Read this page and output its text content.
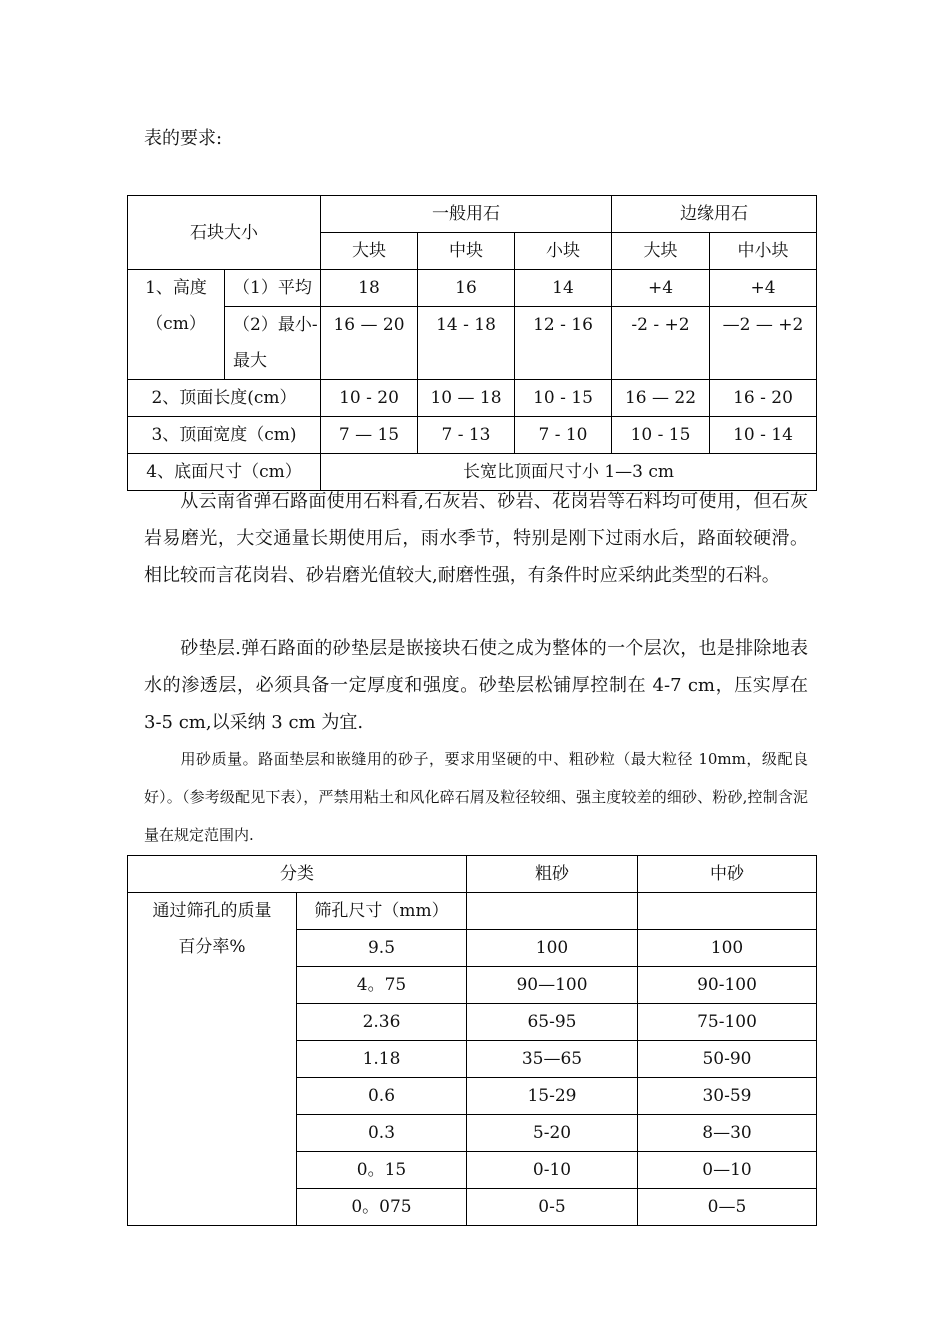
表的要求:
石块大小		一般用石			边缘用石	
		大块	中块	小块	大块	中小块

1、高度
（cm）	（1）平均	18	16	14	+4	+4

	（2）最小-
最大	16 — 20	14 - 18	12 - 16	-2 - +2	—2 — +2
2、顶面长度(cm）		10 - 20	10 — 18	10 - 15	16 — 22	16 - 20
3、顶面宽度（cm)		7 — 15	7 - 13	7 - 10	10 - 15	10 - 14
4、底面尺寸（cm）		长宽比顶面尺寸小 1—3 cm				
从云南省弹石路面使用石料看,石灰岩、砂岩、花岗岩等石料均可使用，但石灰岩易磨光，大交通量长期使用后，雨水季节，特别是刚下过雨水后，路面较硬滑。相比较而言花岗岩、砂岩磨光值较大,耐磨性强，有条件时应采纳此类型的石料。
砂垫层.弹石路面的砂垫层是嵌接块石使之成为整体的一个层次，也是排除地表水的渗透层，必须具备一定厚度和强度。砂垫层松铺厚控制在 4-7 cm，压实厚在 3-5 cm,以采纳 3 cm 为宜.
用砂质量。路面垫层和嵌缝用的砂子，要求用坚硬的中、粗砂粒（最大粒径 10mm，级配良好）。（参考级配见下表），严禁用粘土和风化碎石屑及粒径较细、强主度较差的细砂、粉砂,控制含泥量在规定范围内.
分类		粗砂	中砂

通过筛孔的质量
百分率%	筛孔尺寸（mm）		
	9.5	100	100
	4。75	90—100	90-100
	2.36	65-95	75-100
	1.18	35—65	50-90
	0.6	15-29	30-59
	0.3	5-20	8—30
	0。15	0-10	0—10
	0。075	0-5	0—5
